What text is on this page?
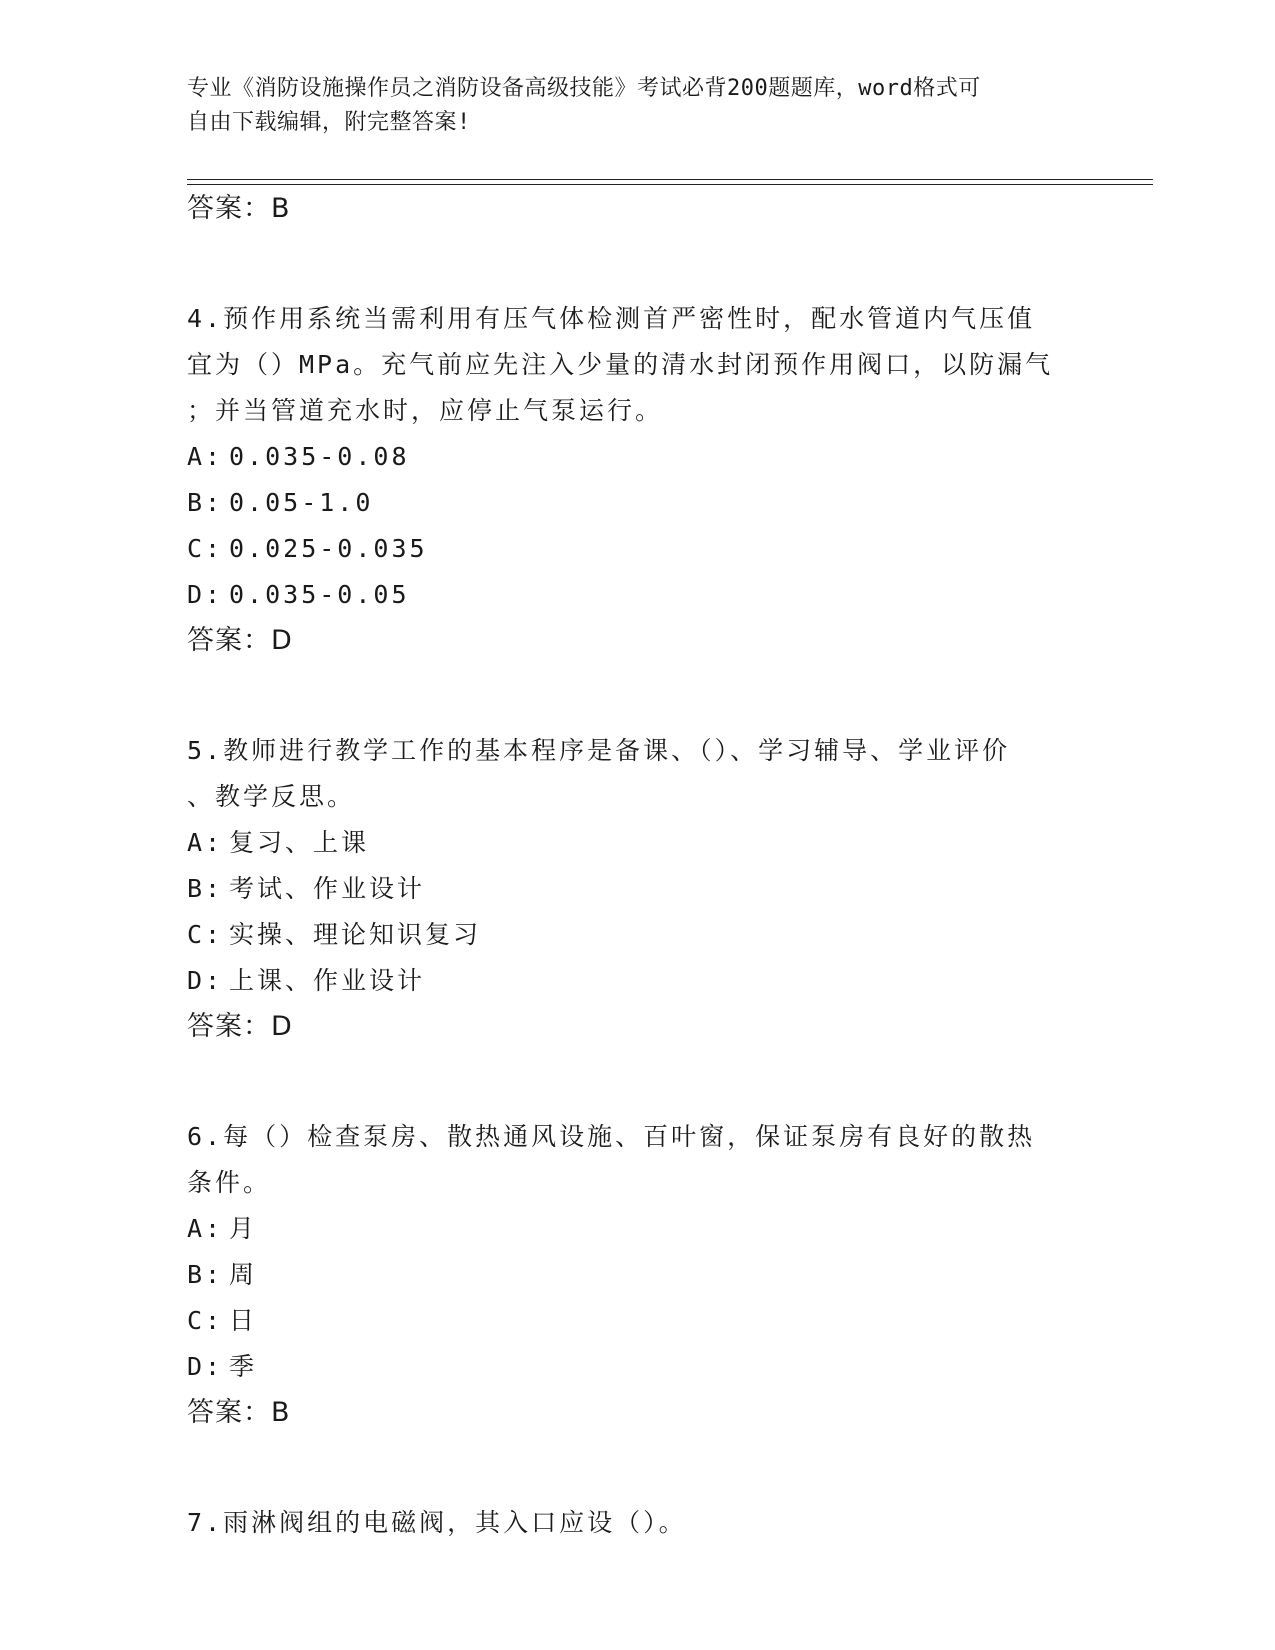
专业《消防设施操作员之消防设备高级技能》考试必背200题题库，word格式可
自由下载编辑，附完整答案!
答案：B
4.预作用系统当需利用有压气体检测首严密性时，配水管道内气压值
宜为（）MPa。充气前应先注入少量的清水封闭预作用阀口，以防漏气
；并当管道充水时，应停止气泵运行。
A: 0.035-0.08
B: 0.05-1.0
C: 0.025-0.035
D: 0.035-0.05
答案：D
5.教师进行教学工作的基本程序是备课、（）、学习辅导、学业评价
、教学反思。
A: 复习、上课
B: 考试、作业设计
C: 实操、理论知识复习
D: 上课、作业设计
答案：D
6.每（）检查泵房、散热通风设施、百叶窗，保证泵房有良好的散热
条件。
A: 月
B: 周
C: 日
D: 季
答案：B
7.雨淋阀组的电磁阀，其入口应设（）。
